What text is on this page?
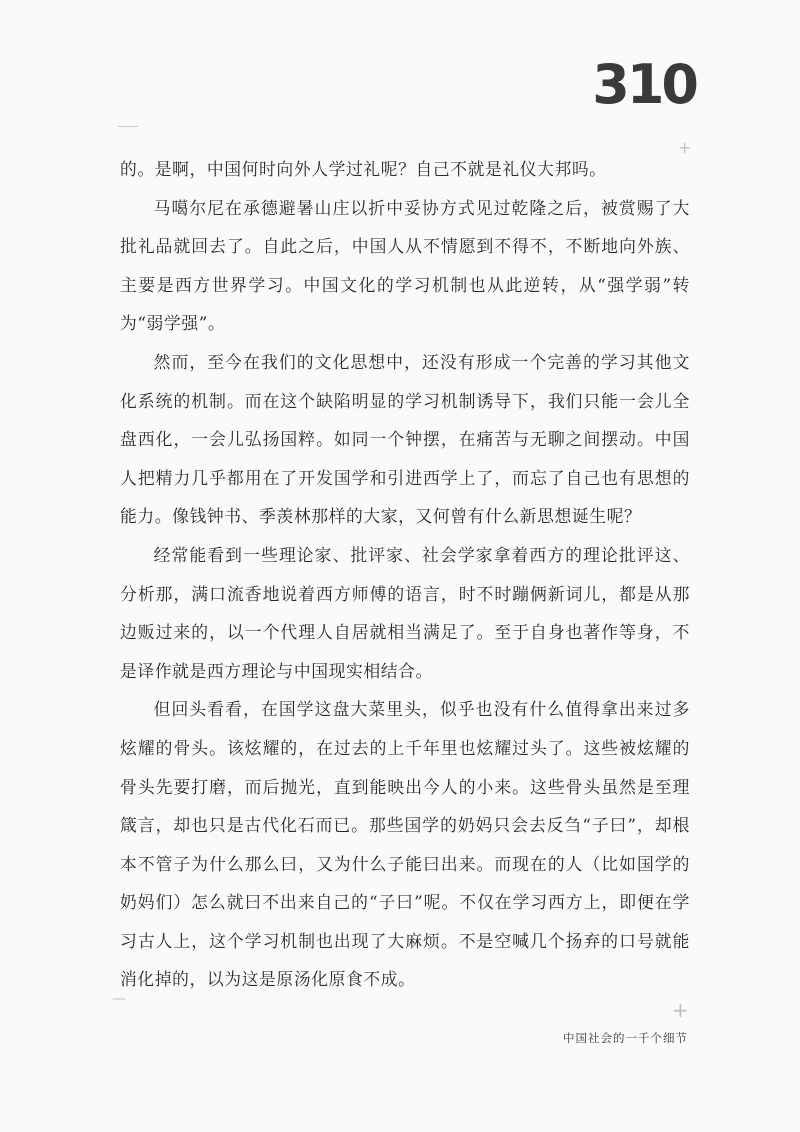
310
+
—	+

的。是啊，中国何时向外人学过礼呢？自己不就是礼仪大邦吗。

马噶尔尼在承德避暑山庄以折中妥协方式见过乾隆之后，被赏赐了大批礼品就回去了。自此之后，中国人从不情愿到不得不，不断地向外族、主要是西方世界学习。中国文化的学习机制也从此逆转，从“强学弱”转为“弱学强”。

然而，至今在我们的文化思想中，还没有形成一个完善的学习其他文化系统的机制。而在这个缺陷明显的学习机制诱导下，我们只能一会儿全盘西化，一会儿弘扬国粹。如同一个钟摆，在痛苦与无聊之间摆动。中国人把精力几乎都用在了开发国学和引进西学上了，而忘了自己也有思想的能力。像钱钟书、季羡林那样的大家，又何曾有什么新思想诞生呢？

经常能看到一些理论家、批评家、社会学家拿着西方的理论批评这、分析那，满口流香地说着西方师傅的语言，时不时蹦俩新词儿，都是从那边贩过来的，以一个代理人自居就相当满足了。至于自身也著作等身，不是译作就是西方理论与中国现实相结合。

但回头看看，在国学这盘大菜里头，似乎也没有什么值得拿出来过多炫耀的骨头。该炫耀的，在过去的上千年里也炫耀过头了。这些被炫耀的骨头先要打磨，而后抛光，直到能映出今人的小来。这些骨头虽然是至理箴言，却也只是古代化石而已。那些国学的奶妈只会去反刍“子曰”，却根本不管子为什么那么曰，又为什么子能曰出来。而现在的人（比如国学的奶妈们）怎么就曰不出来自己的“子曰”呢。不仅在学习西方上，即便在学习古人上，这个学习机制也出现了大麻烦。不是空喊几个扬弃的口号就能消化掉的，以为这是原汤化原食不成。

中国社会的一千个细节
